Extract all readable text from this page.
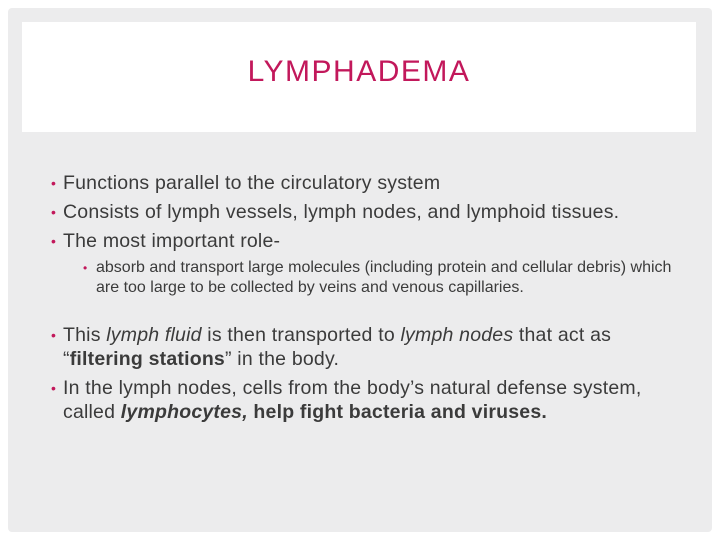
LYMPHADEMA
• Functions parallel to the circulatory system
• Consists of lymph vessels, lymph nodes, and lymphoid tissues.
• The most important role-
• absorb and transport large molecules (including protein and cellular debris) which are too large to be collected by veins and venous capillaries.
• This lymph fluid is then transported to lymph nodes that act as “filtering stations” in the body.
• In the lymph nodes, cells from the body’s natural defense system, called lymphocytes, help fight bacteria and viruses.
